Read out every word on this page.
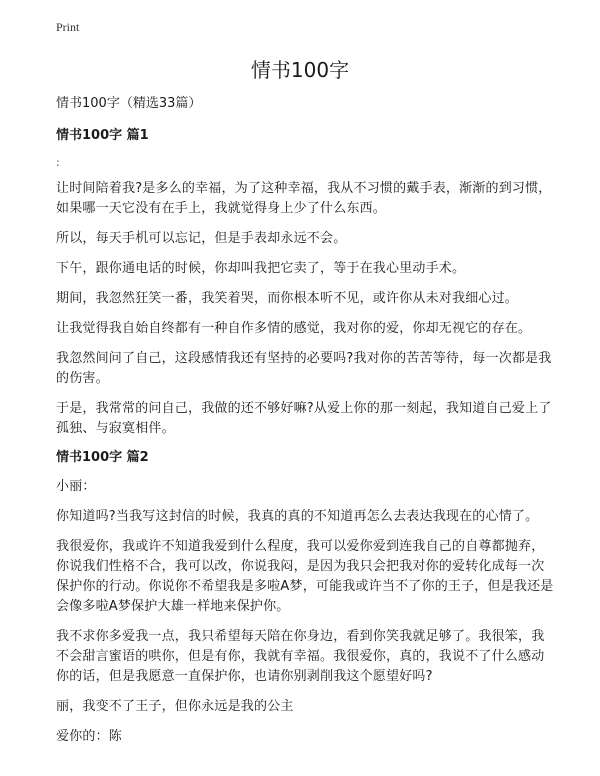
Print
情书100字

情书100字（精选33篇）

情书100字 篇1

:

让时间陪着我?是多么的幸福，为了这种幸福，我从不习惯的戴手表，渐渐的到习惯，如果哪一天它没有在手上，我就觉得身上少了什么东西。

所以，每天手机可以忘记，但是手表却永远不会。

下午，跟你通电话的时候，你却叫我把它卖了，等于在我心里动手术。

期间，我忽然狂笑一番，我笑着哭，而你根本听不见，或许你从未对我细心过。

让我觉得我自始自终都有一种自作多情的感觉，我对你的爱，你却无视它的存在。

我忽然间问了自己，这段感情我还有坚持的必要吗?我对你的苦苦等待，每一次都是我的伤害。

于是，我常常的问自己，我做的还不够好嘛?从爱上你的那一刻起，我知道自己爱上了孤独、与寂寞相伴。

情书100字 篇2

小丽：

你知道吗?当我写这封信的时候，我真的真的不知道再怎么去表达我现在的心情了。

我很爱你，我或许不知道我爱到什么程度，我可以爱你爱到连我自己的自尊都抛弃，你说我们性格不合，我可以改，你说我闷，是因为我只会把我对你的爱转化成每一次保护你的行动。你说你不希望我是多啦A梦，可能我或许当不了你的王子，但是我还是会像多啦A梦保护大雄一样地来保护你。

我不求你多爱我一点，我只希望每天陪在你身边，看到你笑我就足够了。我很笨，我不会甜言蜜语的哄你，但是有你，我就有幸福。我很爱你，真的，我说不了什么感动你的话，但是我愿意一直保护你，也请你别剥削我这个愿望好吗?

丽，我变不了王子，但你永远是我的公主

爱你的：陈
